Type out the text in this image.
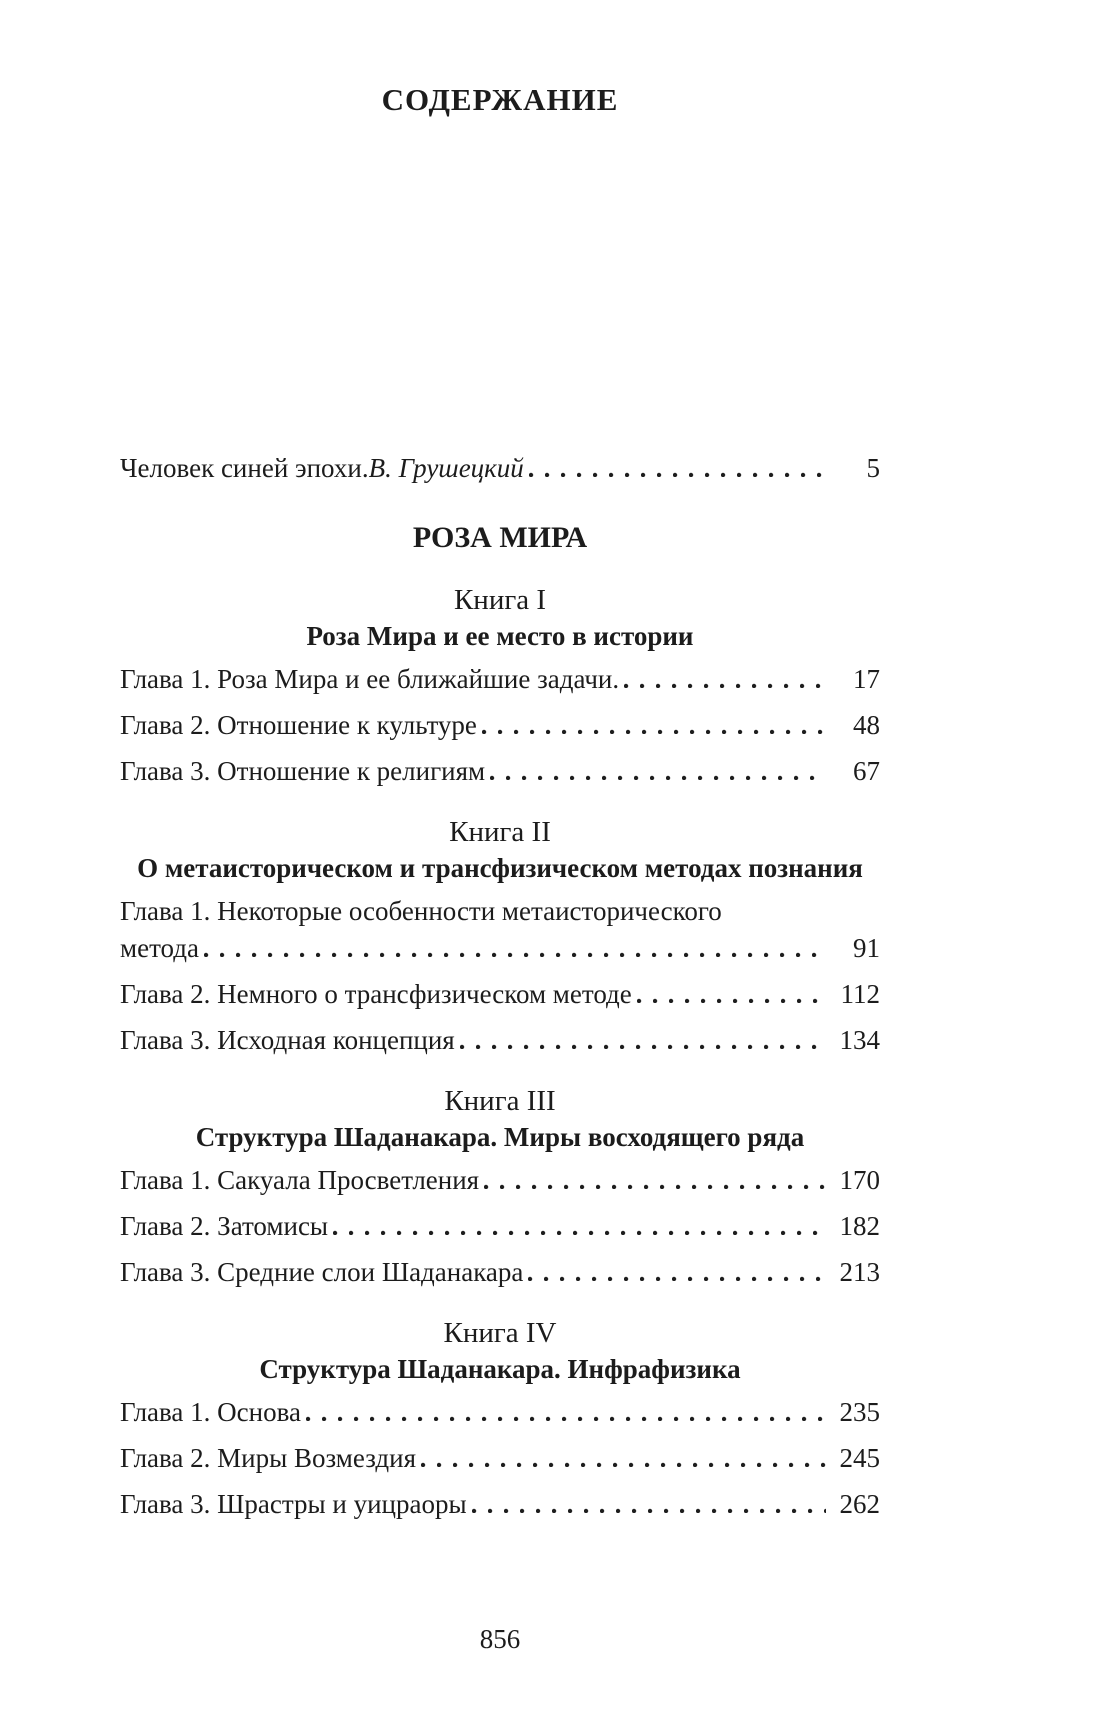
СОДЕРЖАНИЕ
Человек синей эпохи. В. Грушецкий	5
РОЗА МИРА
Книга I
Роза Мира и ее место в истории
Глава 1. Роза Мира и ее ближайшие задачи.	17
Глава 2. Отношение к культуре	48
Глава 3. Отношение к религиям	67
Книга II
О метаисторическом и трансфизическом методах познания
Глава 1. Некоторые особенности метаисторического
метода	91
Глава 2. Немного о трансфизическом методе	112
Глава 3. Исходная концепция	134
Книга III
Структура Шаданакара. Миры восходящего ряда
Глава 1. Сакуала Просветления	170
Глава 2. Затомисы	182
Глава 3. Средние слои Шаданакара	213
Книга IV
Структура Шаданакара. Инфрафизика
Глава 1. Основа	235
Глава 2. Миры Возмездия	245
Глава 3. Шрастры и уицраоры	262
856
